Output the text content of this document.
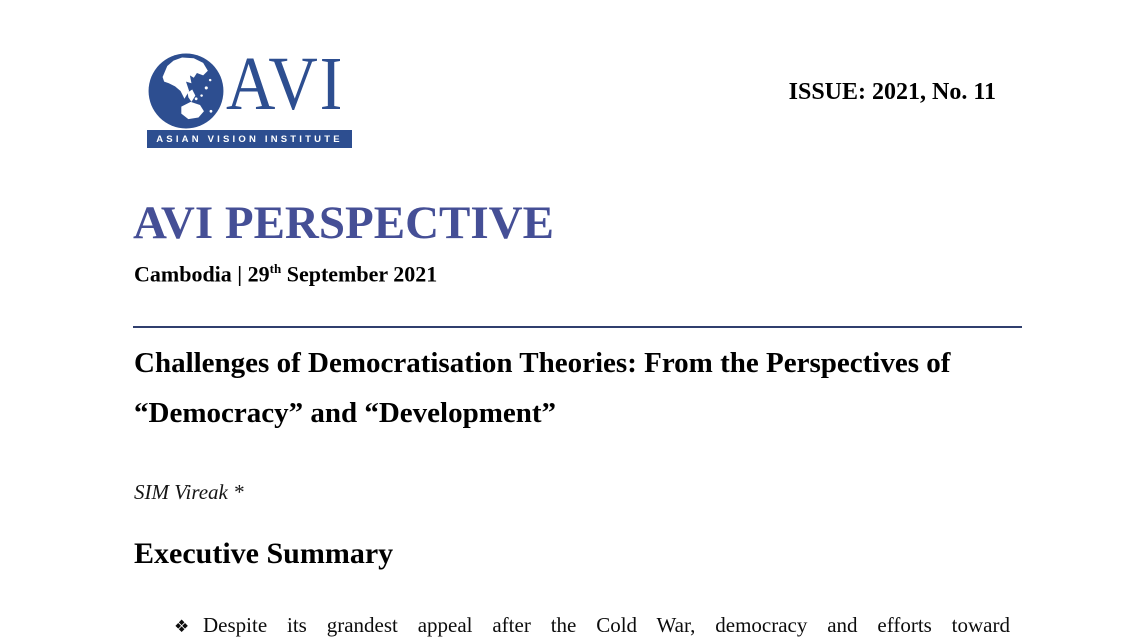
AVI
ASIAN VISION INSTITUTE
ISSUE: 2021, No. 11
AVI PERSPECTIVE
Cambodia | 29th September 2021
Challenges of Democratisation Theories: From the Perspectives of
“Democracy” and “Development”
SIM Vireak *
Executive Summary
❖ Despite its grandest appeal after the Cold War, democracy and efforts toward
